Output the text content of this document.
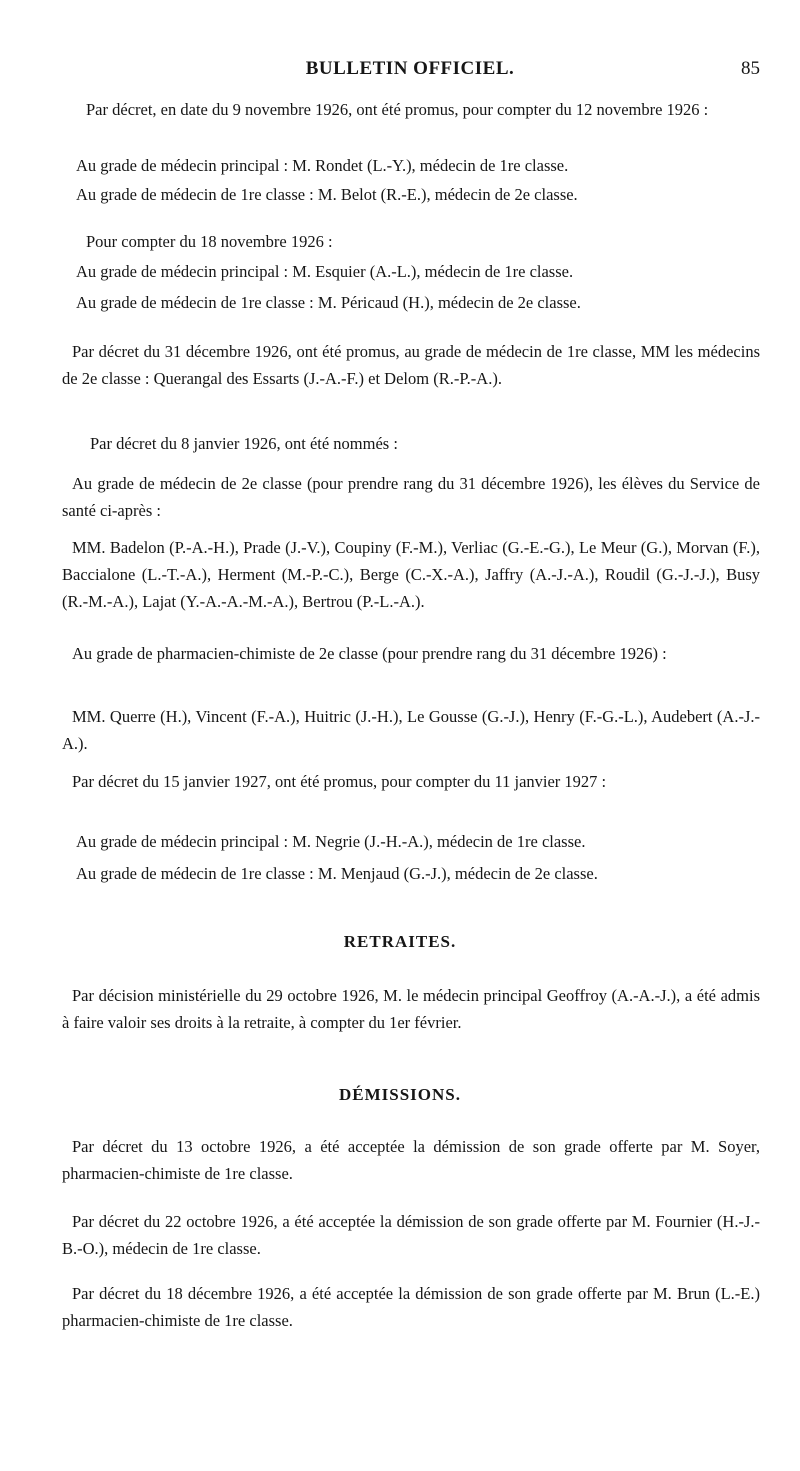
BULLETIN OFFICIEL.	85

Par décret, en date du 9 novembre 1926, ont été promus, pour compter du 12 novembre 1926 :

Au grade de médecin principal : M. Rondet (L.-Y.), médecin de 1re classe.

Au grade de médecin de 1re classe : M. Belot (R.-E.), médecin de 2e classe.

Pour compter du 18 novembre 1926 :

Au grade de médecin principal : M. Esquier (A.-L.), médecin de 1re classe.

Au grade de médecin de 1re classe : M. Péricaud (H.), médecin de 2e classe.

Par décret du 31 décembre 1926, ont été promus, au grade de médecin de 1re classe, MM les médecins de 2e classe : Querangal des Essarts (J.-A.-F.) et Delom (R.-P.-A.).

Par décret du 8 janvier 1926, ont été nommés :

Au grade de médecin de 2e classe (pour prendre rang du 31 décembre 1926), les élèves du Service de santé ci-après :

MM. Badelon (P.-A.-H.), Prade (J.-V.), Coupiny (F.-M.), Verliac (G.-E.-G.), Le Meur (G.), Morvan (F.), Baccialone (L.-T.-A.), Herment (M.-P.-C.), Berge (C.-X.-A.), Jaffry (A.-J.-A.), Roudil (G.-J.-J.), Busy (R.-M.-A.), Lajat (Y.-A.-A.-M.-A.), Bertrou (P.-L.-A.).

Au grade de pharmacien-chimiste de 2e classe (pour prendre rang du 31 décembre 1926) :

MM. Querre (H.), Vincent (F.-A.), Huitric (J.-H.), Le Gousse (G.-J.), Henry (F.-G.-L.), Audebert (A.-J.-A.).

Par décret du 15 janvier 1927, ont été promus, pour compter du 11 janvier 1927 :

Au grade de médecin principal : M. Negrie (J.-H.-A.), médecin de 1re classe.

Au grade de médecin de 1re classe : M. Menjaud (G.-J.), médecin de 2e classe.

RETRAITES.

Par décision ministérielle du 29 octobre 1926, M. le médecin principal Geoffroy (A.-A.-J.), a été admis à faire valoir ses droits à la retraite, à compter du 1er février.

DÉMISSIONS.

Par décret du 13 octobre 1926, a été acceptée la démission de son grade offerte par M. Soyer, pharmacien-chimiste de 1re classe.

Par décret du 22 octobre 1926, a été acceptée la démission de son grade offerte par M. Fournier (H.-J.-B.-O.), médecin de 1re classe.

Par décret du 18 décembre 1926, a été acceptée la démission de son grade offerte par M. Brun (L.-E.) pharmacien-chimiste de 1re classe.
